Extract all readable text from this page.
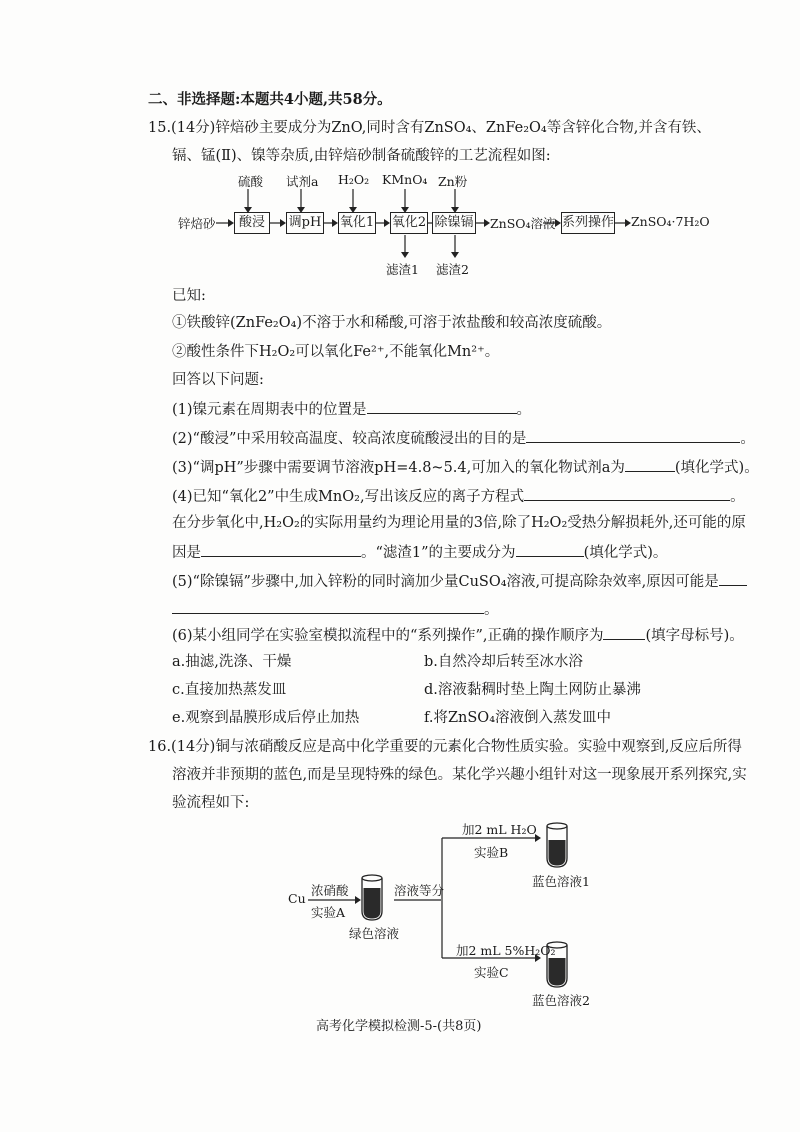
二、非选择题:本题共4小题,共58分。
15.(14分)锌焙砂主要成分为ZnO,同时含有ZnSO₄、ZnFe₂O₄等含锌化合物,并含有铁、
镉、锰(Ⅱ)、镍等杂质,由锌焙砂制备硫酸锌的工艺流程如图:
锌焙砂	酸浸	调pH 氧化1 氧化2 除镍镉 ZnSO₄溶液 系列操作 ZnSO₄·7H₂O
硫酸 试剂a H₂O₂ KMnO₄ Zn粉
滤渣1 滤渣2
已知:
①铁酸锌(ZnFe₂O₄)不溶于水和稀酸,可溶于浓盐酸和较高浓度硫酸。
②酸性条件下H₂O₂可以氧化Fe²⁺,不能氧化Mn²⁺。
回答以下问题:
(1)镍元素在周期表中的位置是	。
(2)“酸浸”中采用较高温度、较高浓度硫酸浸出的目的是	。
(3)“调pH”步骤中需要调节溶液pH=4.8~5.4,可加入的氧化物试剂a为	(填化学式)。
(4)已知“氧化2”中生成MnO₂,写出该反应的离子方程式	。
在分步氧化中,H₂O₂的实际用量约为理论用量的3倍,除了H₂O₂受热分解损耗外,还可能的原
因是	。“滤渣1”的主要成分为	(填化学式)。
(5)“除镍镉”步骤中,加入锌粉的同时滴加少量CuSO₄溶液,可提高除杂效率,原因可能是
。
(6)某小组同学在实验室模拟流程中的“系列操作”,正确的操作顺序为	(填字母标号)。
a.抽滤,洗涤、干燥	b.自然冷却后转至冰水浴
c.直接加热蒸发皿	d.溶液黏稠时垫上陶土网防止暴沸
e.观察到晶膜形成后停止加热	f.将ZnSO₄溶液倒入蒸发皿中
16.(14分)铜与浓硝酸反应是高中化学重要的元素化合物性质实验。实验中观察到,反应后所得
溶液并非预期的蓝色,而是呈现特殊的绿色。某化学兴趣小组针对这一现象展开系列探究,实
验流程如下:
Cu
浓硝酸
实验A
绿色溶液
溶液等分
加2 mL H₂O
实验B
蓝色溶液1
加2 mL 5%H₂O₂
实验C
蓝色溶液2
高考化学模拟检测-5-(共8页)
